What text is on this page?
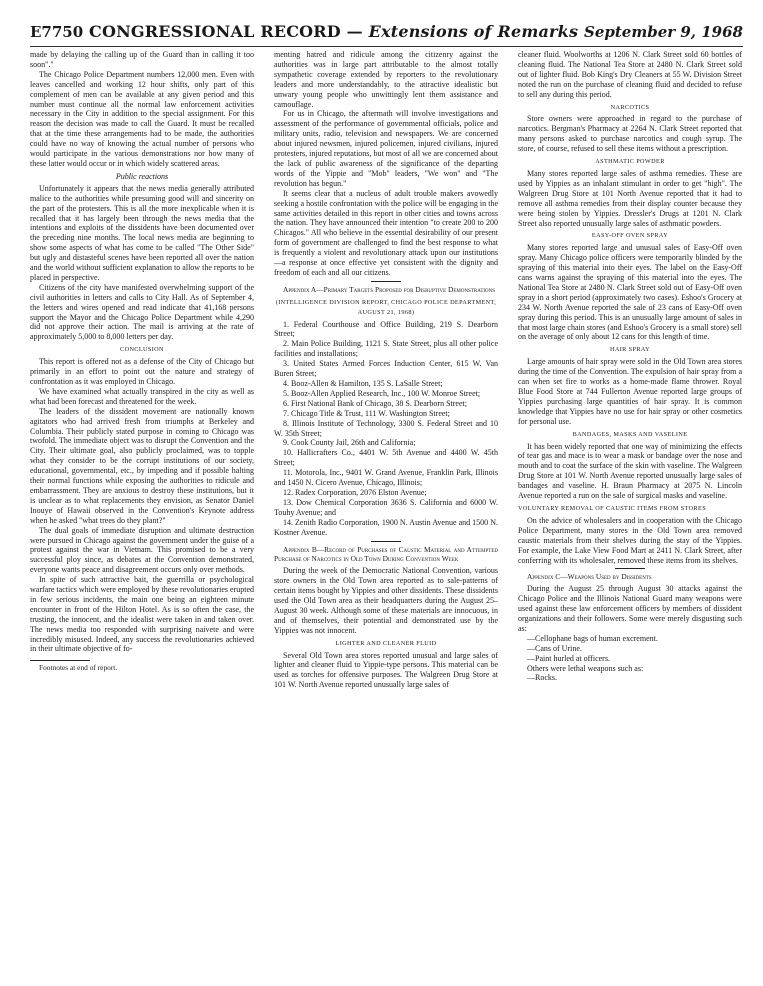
E7750 CONGRESSIONAL RECORD — Extensions of Remarks September 9, 1968

made by delaying the calling up of the Guard than in calling it too soon"."

The Chicago Police Department numbers 12,000 men. Even with leaves cancelled and working 12 hour shifts, only part of this complement of men can be available at any given period and this number must continue all the normal law enforcement activities necessary in the City in addition to the special assignment. For this reason the decision was made to call the Guard. It must be recalled that at the time these arrangements had to be made, the authorities could have no way of knowing the actual number of persons who would participate in the various demonstrations nor how many of these latter would occur or in which widely scattered areas.

Public reactions

Unfortunately it appears that the news media generally attributed malice to the authorities while presuming good will and sincerity on the part of the protesters. This is all the more inexplicable when it is recalled that it has largely been through the news media that the intentions and exploits of the dissidents have been documented over the preceding nine months. The local news media are beginning to show some aspects of what has come to be called "The Other Side" but ugly and distasteful scenes have been reported all over the nation and the world without sufficient explanation to allow the reports to be placed in perspective.

Citizens of the city have manifested overwhelming support of the civil authorities in letters and calls to City Hall. As of September 4, the letters and wires opened and read indicate that 41,168 persons support the Mayor and the Chicago Police Department while 4,290 did not approve their action. The mail is arriving at the rate of approximately 5,000 to 8,000 letters per day.

CONCLUSION

This report is offered not as a defense of the City of Chicago but primarily in an effort to point out the nature and strategy of confrontation as it was employed in Chicago.

We have examined what actually transpired in the city as well as what had been forecast and threatened for the week.

The leaders of the dissident movement are nationally known agitators who had arrived fresh from triumphs at Berkeley and Columbia. Their publicly stated purpose in coming to Chicago was twofold. The immediate object was to disrupt the Convention and the City. Their ultimate goal, also publicly proclaimed, was to topple what they consider to be the corrupt institutions of our society, educational, governmental, etc., by impeding and if possible halting their normal functions while exposing the authorities to ridicule and embarrassment. They are anxious to destroy these institutions, but it is unclear as to what replacements they envision, as Senator Daniel Inouye of Hawaii observed in the Convention's Keynote address when he asked "what trees do they plant?"

The dual goals of immediate disruption and ultimate destruction were pursued in Chicago against the government under the guise of a protest against the war in Vietnam. This promised to be a very successful ploy since, as debates at the Convention demonstrated, everyone wants peace and disagreement occurs only over methods.

In spite of such attractive bait, the guerrilla or psychological warfare tactics which were employed by these revolutionaries erupted in few serious incidents, the main one being an eighteen minute encounter in front of the Hilton Hotel. As is so often the case, the trusting, the innocent, and the idealist were taken in and taken over. The news media too responded with surprising naivete and were incredibly misused. Indeed, any success the revolutionaries achieved in their ultimate objective of fo-

Footnotes at end of report.

menting hatred and ridicule among the citizenry against the authorities was in large part attributable to the almost totally sympathetic coverage extended by reporters to the revolutionary leaders and more understandably, to the attractive idealistic but unwary young people who unwittingly lent them assistance and camouflage.

For us in Chicago, the aftermath will involve investigations and assessment of the performance of governmental officials, police and military units, radio, television and newspapers. We are concerned about injured newsmen, injured policemen, injured civilians, injured protesters, injured reputations, but most of all we are concerned about the lack of public awareness of the significance of the departing words of the Yippie and "Mob" leaders, "We won" and "The revolution has begun."

It seems clear that a nucleus of adult trouble makers avowedly seeking a hostile confrontation with the police will be engaging in the same activities detailed in this report in other cities and towns across the nation. They have announced their intention "to create 200 to 200 Chicagos." All who believe in the essential desirability of our present form of government are challenged to find the best response to what is frequently a violent and revolutionary attack upon our institutions—a response at once effective yet consistent with the dignity and freedom of each and all our citizens.

Appendix A—Primary Targets Proposed for Disruptive Demonstrations

(INTELLIGENCE DIVISION REPORT, CHICAGO POLICE DEPARTMENT, AUGUST 21, 1968)

1. Federal Courthouse and Office Building, 219 S. Dearborn Street;

2. Main Police Building, 1121 S. State Street, plus all other police facilities and installations;

3. United States Armed Forces Induction Center, 615 W. Van Buren Street;

4. Booz-Allen & Hamilton, 135 S. LaSalle Street;

5. Booz-Allen Applied Research, Inc., 100 W. Monroe Street;

6. First National Bank of Chicago, 38 S. Dearborn Street;

7. Chicago Title & Trust, 111 W. Washington Street;

8. Illinois Institute of Technology, 3300 S. Federal Street and 10 W. 35th Street;

9. Cook County Jail, 26th and California;

10. Hallicrafters Co., 4401 W. 5th Avenue and 4400 W. 45th Street;

11. Motorola, Inc., 9401 W. Grand Avenue, Franklin Park, Illinois and 1450 N. Cicero Avenue, Chicago, Illinois;

12. Radex Corporation, 2076 Elston Avenue;

13. Dow Chemical Corporation 3636 S. California and 6000 W. Touhy Avenue; and

14. Zenith Radio Corporation, 1900 N. Austin Avenue and 1500 N. Kostner Avenue.

Appendix B—Record of Purchases of Caustic Material and Attempted Purchase of Narcotics in Old Town During Convention Week

During the week of the Democratic National Convention, various store owners in the Old Town area reported as to sale-patterns of certain items bought by Yippies and other dissidents. These dissidents used the Old Town area as their headquarters during the August 25–August 30 week. Although some of these materials are innocuous, in and of themselves, their potential and demonstrated use by the Yippies was not innocent.

LIGHTER AND CLEANER FLUID

Several Old Town area stores reported unusual and large sales of lighter and cleaner fluid to Yippie-type persons. This material can be used as torches for offensive purposes. The Walgreen Drug Store at 101 W. North Avenue reported unusually large sales of

cleaner fluid. Woolworths at 1206 N. Clark Street sold 60 bottles of cleaning fluid. The National Tea Store at 2480 N. Clark Street sold out of lighter fluid. Bob King's Dry Cleaners at 55 W. Division Street noted the run on the purchase of cleaning fluid and decided to refuse to sell any during this period.

NARCOTICS

Store owners were approached in regard to the purchase of narcotics. Bergman's Pharmacy at 2264 N. Clark Street reported that many persons asked to purchase narcotics and cough syrup. The store, of course, refused to sell these items without a prescription.

ASTHMATIC POWDER

Many stores reported large sales of asthma remedies. These are used by Yippies as an inhalant stimulant in order to get "high". The Walgreen Drug Store at 101 North Avenue reported that it had to remove all asthma remedies from their display counter because they were being stolen by Yippies. Dressler's Drugs at 1201 N. Clark Street also reported unusually large sales of asthmatic powders.

EASY-OFF OVEN SPRAY

Many stores reported large and unusual sales of Easy-Off oven spray. Many Chicago police officers were temporarily blinded by the spraying of this material into their eyes. The label on the Easy-Off cans warns against the spraying of this material into the eyes. The National Tea Store at 2480 N. Clark Street sold out of Easy-Off oven spray in a short period (approximately two cases). Eshoo's Grocery at 234 W. North Avenue reported the sale of 23 cans of Easy-Off oven spray during this period. This is an unusually large amount of sales in that most large chain stores (and Eshoo's Grocery is a small store) sell on the average of only about 12 cans for this length of time.

HAIR SPRAY

Large amounts of hair spray were sold in the Old Town area stores during the time of the Convention. The expulsion of hair spray from a can when set fire to works as a home-made flame thrower. Royal Blue Food Store at 744 Fullerton Avenue reported large groups of Yippies purchasing large quantities of hair spray. It is common knowledge that Yippies have no use for hair spray or other cosmetics for personal use.

BANDAGES, MASKS AND VASELINE

It has been widely reported that one way of minimizing the effects of tear gas and mace is to wear a mask or bandage over the nose and mouth and to coat the surface of the skin with vaseline. The Walgreen Drug Store at 101 W. North Avenue reported unusually large sales of bandages and vaseline. H. Braun Pharmacy at 2075 N. Lincoln Avenue reported a run on the sale of surgical masks and vaseline.

VOLUNTARY REMOVAL OF CAUSTIC ITEMS FROM STORES

On the advice of wholesalers and in cooperation with the Chicago Police Department, many stores in the Old Town area removed caustic materials from their shelves during the stay of the Yippies. For example, the Lake View Food Mart at 2411 N. Clark Street, after conferring with its wholesaler, removed these items from its shelves.

Appendix C—Weapons Used by Dissidents

During the August 25 through August 30 attacks against the Chicago Police and the Illinois National Guard many weapons were used against these law enforcement officers by members of dissident organizations and their followers. Some were merely disgusting such as:

—Cellophane bags of human excrement.

—Cans of Urine.

—Paint hurled at officers.

Others were lethal weapons such as:

—Rocks.
